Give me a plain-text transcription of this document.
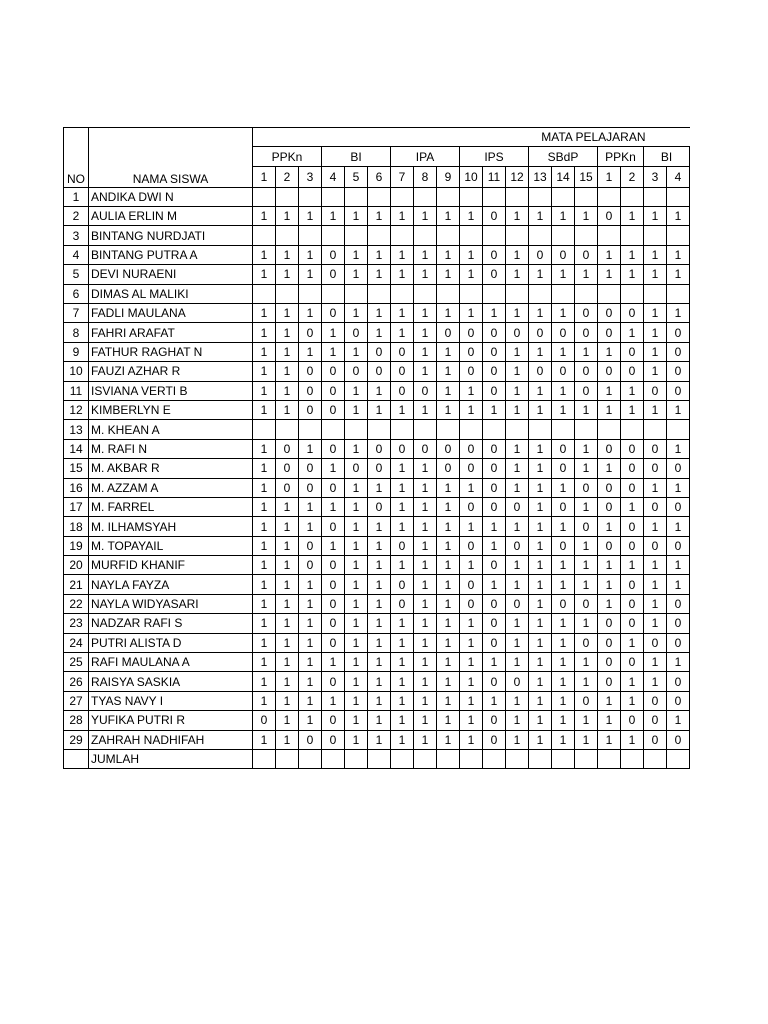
		MATA PELAJARAN																		
		PPKn			BI			IPA			IPS			SBdP			PPKn		BI	
NO	NAMA SISWA	1	2	3	4	5	6	7	8	9	10	11	12	13	14	15	1	2	3	4
1	ANDIKA DWI N																			
2	AULIA ERLIN M	1	1	1	1	1	1	1	1	1	1	0	1	1	1	1	0	1	1	1
3	BINTANG NURDJATI																			
4	BINTANG PUTRA A	1	1	1	0	1	1	1	1	1	1	0	1	0	0	0	1	1	1	1
5	DEVI NURAENI	1	1	1	0	1	1	1	1	1	1	0	1	1	1	1	1	1	1	1
6	DIMAS AL MALIKI																			
7	FADLI MAULANA	1	1	1	0	1	1	1	1	1	1	1	1	1	1	0	0	0	1	1
8	FAHRI ARAFAT	1	1	0	1	0	1	1	1	0	0	0	0	0	0	0	0	1	1	0
9	FATHUR RAGHAT N	1	1	1	1	1	0	0	1	1	0	0	1	1	1	1	1	0	1	0
10	FAUZI AZHAR R	1	1	0	0	0	0	0	1	1	0	0	1	0	0	0	0	0	1	0
11	ISVIANA VERTI B	1	1	0	0	1	1	0	0	1	1	0	1	1	1	0	1	1	0	0
12	KIMBERLYN E	1	1	0	0	1	1	1	1	1	1	1	1	1	1	1	1	1	1	1
13	M. KHEAN A																			
14	M. RAFI N	1	0	1	0	1	0	0	0	0	0	0	1	1	0	1	0	0	0	1
15	M. AKBAR R	1	0	0	1	0	0	1	1	0	0	0	1	1	0	1	1	0	0	0
16	M. AZZAM A	1	0	0	0	1	1	1	1	1	1	0	1	1	1	0	0	0	1	1
17	M. FARREL	1	1	1	1	1	0	1	1	1	0	0	0	1	0	1	0	1	0	0
18	M. ILHAMSYAH	1	1	1	0	1	1	1	1	1	1	1	1	1	1	0	1	0	1	1
19	M. TOPAYAIL	1	1	0	1	1	1	0	1	1	0	1	0	1	0	1	0	0	0	0
20	MURFID KHANIF	1	1	0	0	1	1	1	1	1	1	0	1	1	1	1	1	1	1	1
21	NAYLA FAYZA	1	1	1	0	1	1	0	1	1	0	1	1	1	1	1	1	0	1	1
22	NAYLA WIDYASARI	1	1	1	0	1	1	0	1	1	0	0	0	1	0	0	1	0	1	0
23	NADZAR RAFI S	1	1	1	0	1	1	1	1	1	1	0	1	1	1	1	0	0	1	0
24	PUTRI ALISTA D	1	1	1	0	1	1	1	1	1	1	0	1	1	1	0	0	1	0	0
25	RAFI MAULANA A	1	1	1	1	1	1	1	1	1	1	1	1	1	1	1	0	0	1	1
26	RAISYA SASKIA	1	1	1	0	1	1	1	1	1	1	0	0	1	1	1	0	1	1	0
27	TYAS NAVY I	1	1	1	1	1	1	1	1	1	1	1	1	1	1	0	1	1	0	0
28	YUFIKA PUTRI R	0	1	1	0	1	1	1	1	1	1	0	1	1	1	1	1	0	0	1
29	ZAHRAH NADHIFAH	1	1	0	0	1	1	1	1	1	1	0	1	1	1	1	1	1	0	0
	JUMLAH																			
